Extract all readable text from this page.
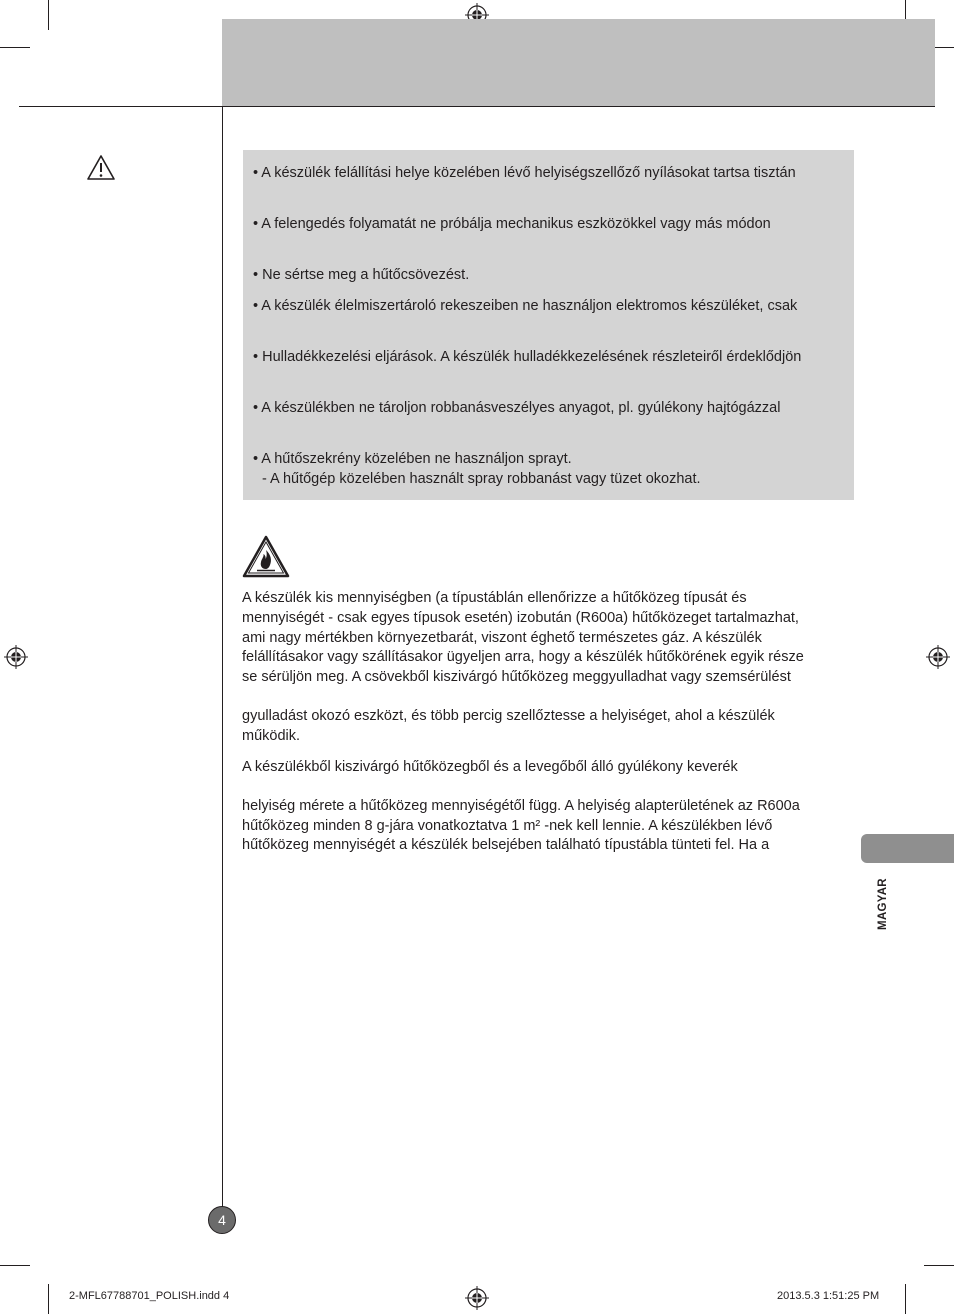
• A készülék felállítási helye közelében lévő helyiségszellőző nyílásokat tartsa tisztán
• A felengedés folyamatát ne próbálja mechanikus eszközökkel vagy más módon
• Ne sértse meg a hűtőcsövezést.
• A készülék élelmiszertároló rekeszeiben ne használjon elektromos készüléket, csak
• Hulladékkezelési eljárások. A készülék hulladékkezelésének részleteiről érdeklődjön
• A készülékben ne tároljon robbanásveszélyes anyagot, pl. gyúlékony hajtógázzal
• A hűtőszekrény közelében ne használjon sprayt.
- A hűtőgép közelében használt spray robbanást vagy tüzet okozhat.
A készülék kis mennyiségben (a típustáblán ellenőrizze a hűtőközeg típusát és
mennyiségét - csak egyes típusok esetén) izobután (R600a) hűtőközeget tartalmazhat,
ami nagy mértékben környezetbarát, viszont éghető természetes gáz. A készülék
felállításakor vagy szállításakor ügyeljen arra, hogy a készülék hűtőkörének egyik része
se sérüljön meg. A csövekből kiszivárgó hűtőközeg meggyulladhat vagy szemsérülést
gyulladást okozó eszközt, és több percig szellőztesse a helyiséget, ahol a készülék
működik.
A készülékből kiszivárgó hűtőközegből és a levegőből álló gyúlékony keverék
helyiség mérete a hűtőközeg mennyiségétől függ. A helyiség alapterületének az R600a
hűtőközeg minden 8 g-jára vonatkoztatva 1 m² -nek kell lennie. A készülékben lévő
hűtőközeg mennyiségét a készülék belsejében található típustábla tünteti fel. Ha a
MAGYAR
4
2-MFL67788701_POLISH.indd 4	2013.5.3 1:51:25 PM
